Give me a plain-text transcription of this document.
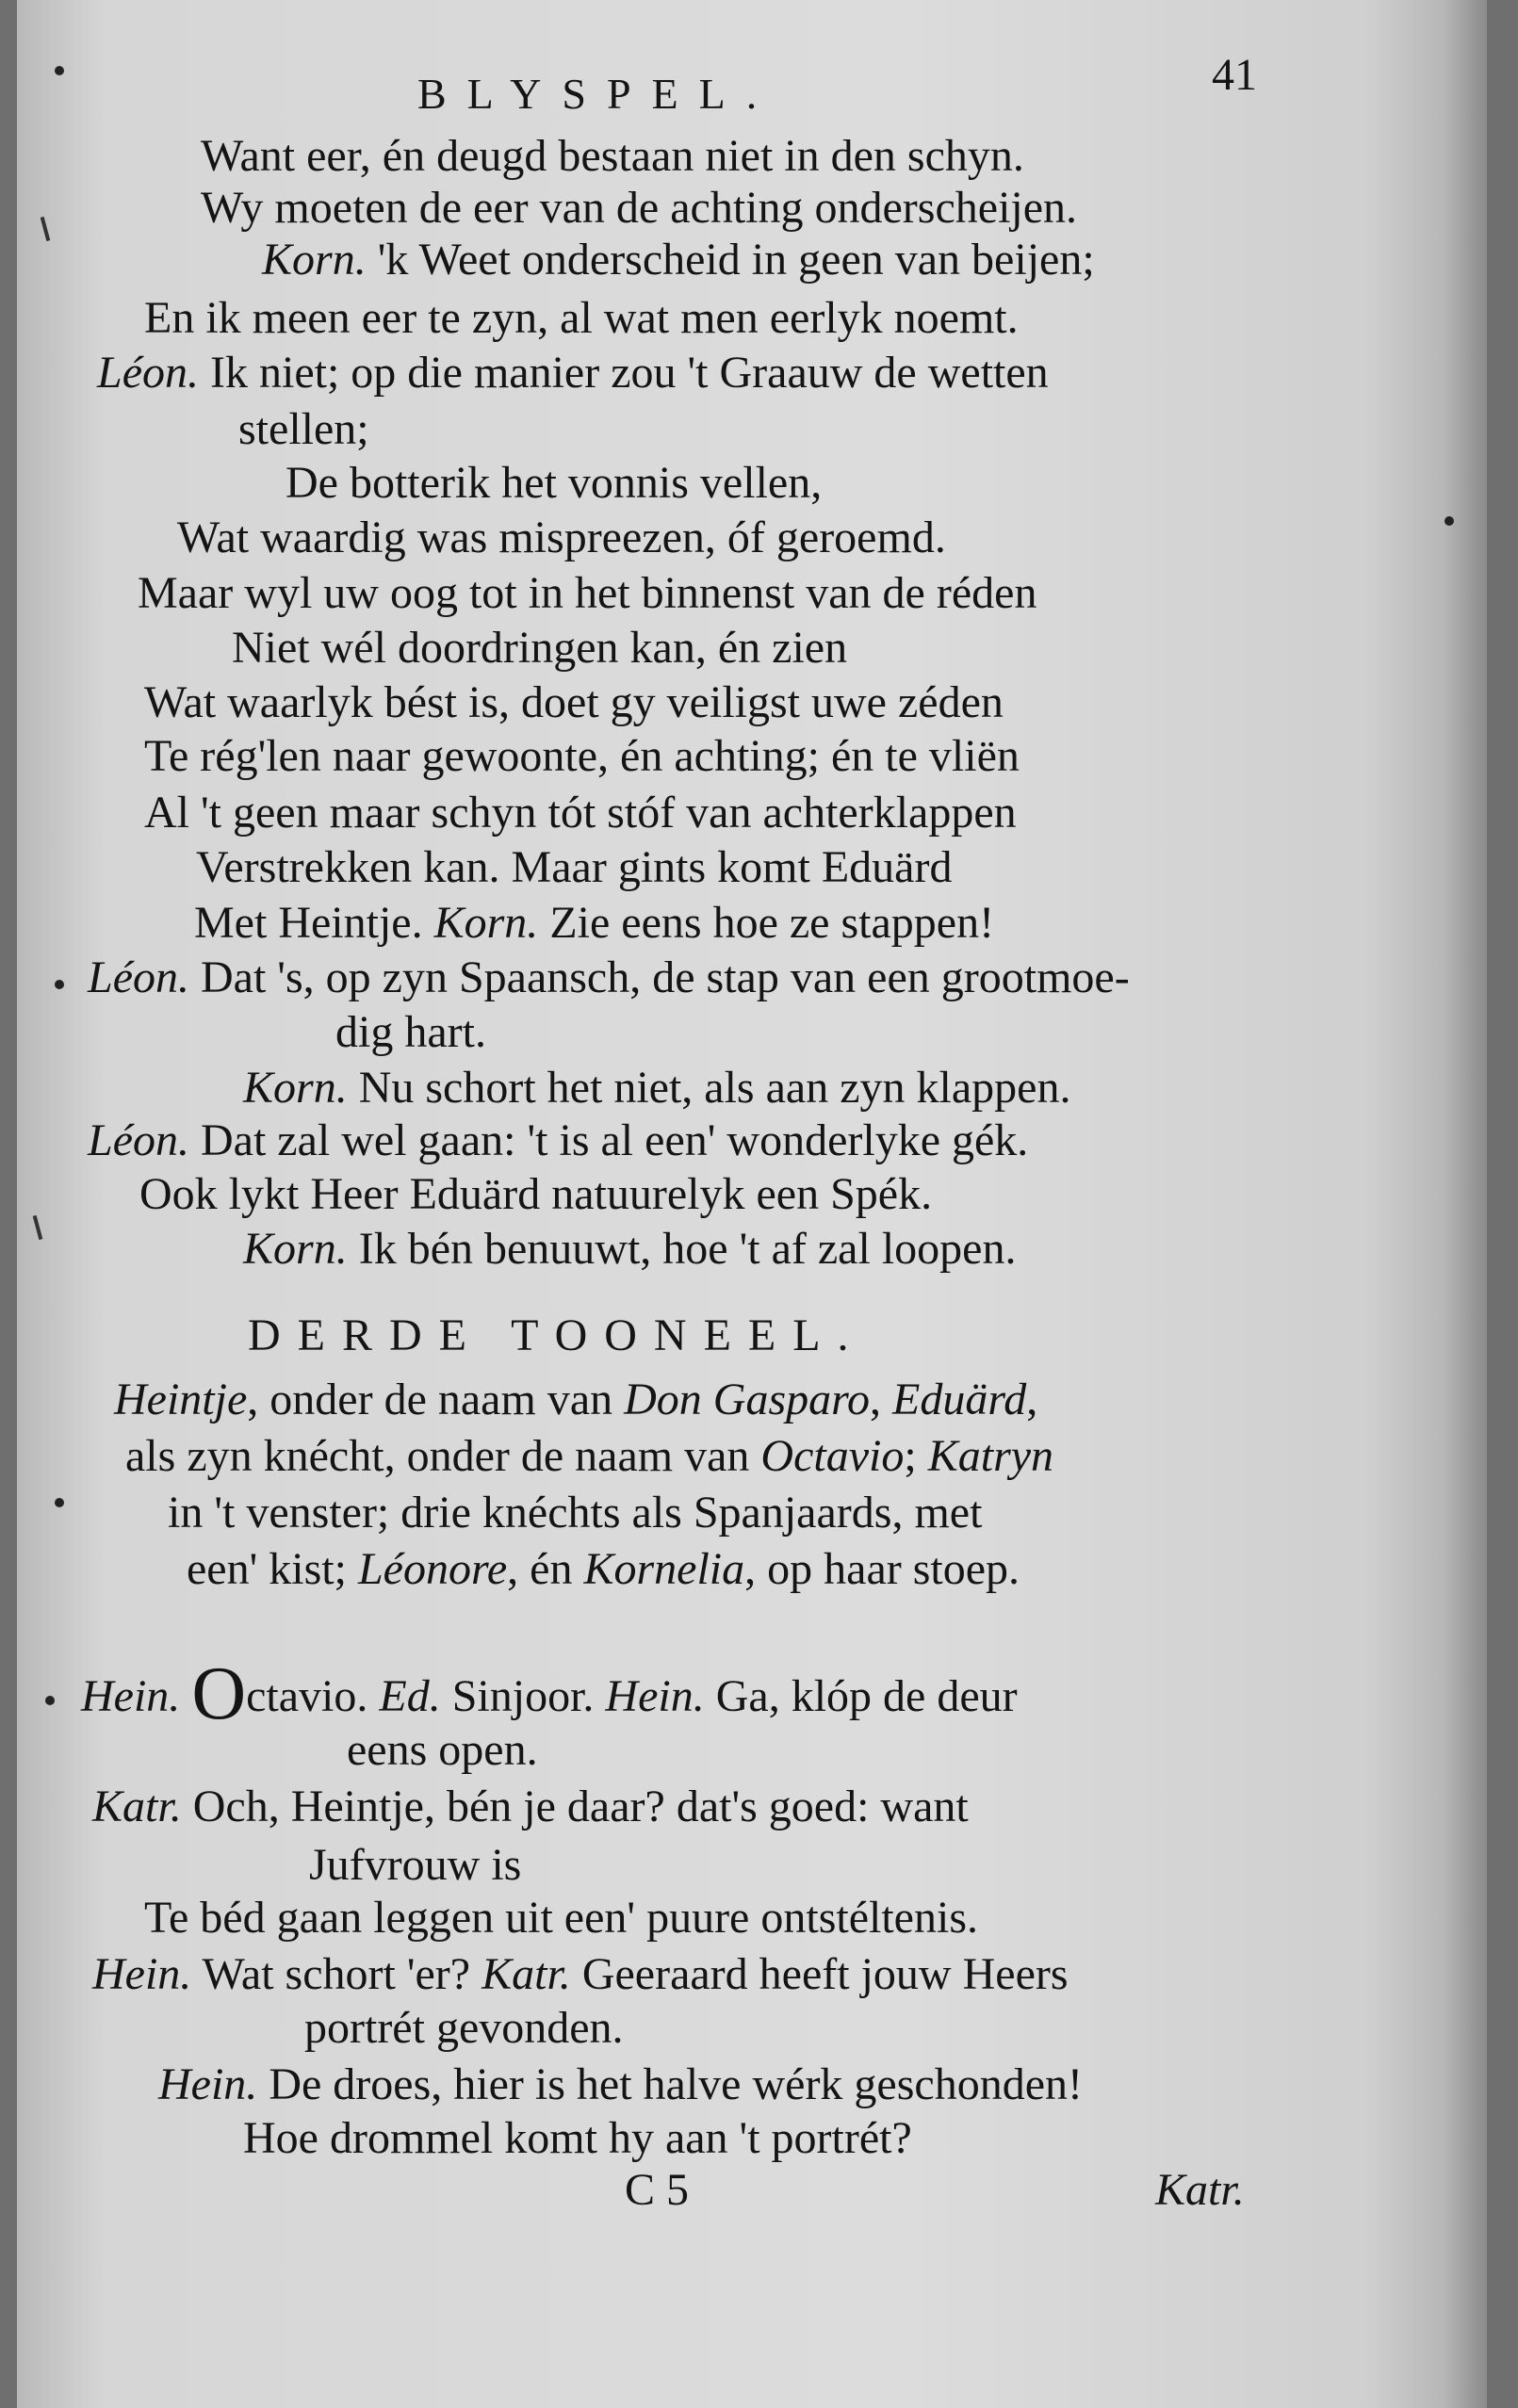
BLYSPEL.	41
Want eer, én deugd bestaan niet in den schyn.
Wy moeten de eer van de achting onderscheijen.
Korn. 'k Weet onderscheid in geen van beijen;
En ik meen eer te zyn, al wat men eerlyk noemt.
Léon. Ik niet; op die manier zou 't Graauw de wetten
stellen;
De botterik het vonnis vellen,
Wat waardig was mispreezen, óf geroemd.
Maar wyl uw oog tot in het binnenst van de réden
Niet wél doordringen kan, én zien
Wat waarlyk bést is, doet gy veiligst uwe zéden
Te rég'len naar gewoonte, én achting; én te vliën
Al 't geen maar schyn tót stóf van achterklappen
Verstrekken kan. Maar gints komt Eduärd
Met Heintje. Korn. Zie eens hoe ze stappen!
Léon. Dat 's, op zyn Spaansch, de stap van een grootmoe-
dig hart.
Korn. Nu schort het niet, als aan zyn klappen.
Léon. Dat zal wel gaan: 't is al een' wonderlyke gék.
Ook lykt Heer Eduärd natuurelyk een Spék.
Korn. Ik bén benuuwt, hoe 't af zal loopen.
DERDE TOONEEL.
Heintje, onder de naam van Don Gasparo, Eduärd,
als zyn knécht, onder de naam van Octavio; Katryn
in 't venster; drie knéchts als Spanjaards, met
een' kist; Léonore, én Kornelia, op haar stoep.
Hein. Octavio. Ed. Sinjoor. Hein. Ga, klóp de deur
eens open.
Katr. Och, Heintje, bén je daar? dat's goed: want
Jufvrouw is
Te béd gaan leggen uit een' puure ontstéltenis.
Hein. Wat schort 'er? Katr. Geeraard heeft jouw Heers
portrét gevonden.
Hein. De droes, hier is het halve wérk geschonden!
Hoe drommel komt hy aan 't portrét?
C 5	Katr.
